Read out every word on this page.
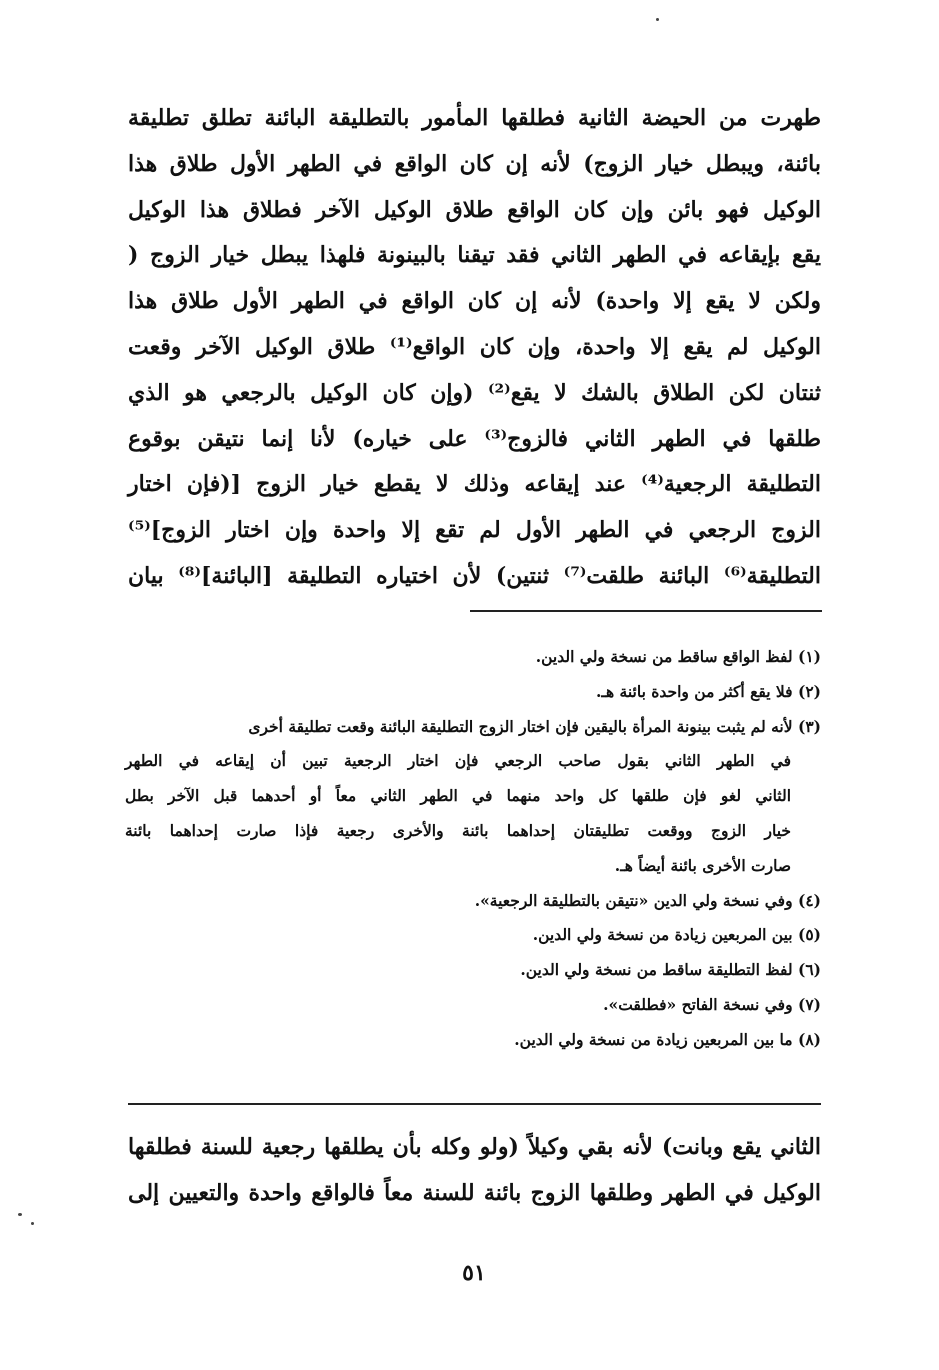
طهرت من الحيضة الثانية فطلقها المأمور بالتطليقة البائنة تطلق تطليقة
بائنة، ويبطل خيار الزوج) لأنه إن كان الواقع في الطهر الأول طلاق هذا
الوكيل فهو بائن وإن كان الواقع طلاق الوكيل الآخر فطلاق هذا الوكيل
يقع بإيقاعه في الطهر الثاني فقد تيقنا بالبينونة فلهذا يبطل خيار الزوج (
ولكن لا يقع إلا واحدة) لأنه إن كان الواقع في الطهر الأول طلاق هذا
الوكيل لم يقع إلا واحدة، وإن كان الواقع⁽¹⁾ طلاق الوكيل الآخر وقعت
ثنتان لكن الطلاق بالشك لا يقع⁽²⁾ (وإن كان الوكيل بالرجعي هو الذي
طلقها في الطهر الثاني فالزوج⁽³⁾ على خياره) لأنا إنما نتيقن بوقوع
التطليقة الرجعية⁽⁴⁾ عند إيقاعه وذلك لا يقطع خيار الزوج [(فإن اختار
الزوج الرجعي في الطهر الأول لم تقع إلا واحدة وإن اختار الزوج]⁽⁵⁾
التطليقة⁽⁶⁾ البائنة طلقت⁽⁷⁾ ثنتين) لأن اختياره التطليقة [البائنة]⁽⁸⁾ بيان
(١) لفظ الواقع ساقط من نسخة ولي الدين.
(٢) فلا يقع أكثر من واحدة بائنة هـ.
(٣) لأنه لم يثبت بينونة المرأة باليقين فإن اختار الزوج التطليقة البائنة وقعت تطليقة أخرى
في الطهر الثاني بقول صاحب الرجعي فإن اختار الرجعية تبين أن إيقاعه في الطهر
الثاني لغو فإن طلقها كل واحد منهما في الطهر الثاني معاً أو أحدهما قبل الآخر بطل
خيار الزوج ووقعت تطليقتان إحداهما بائنة والأخرى رجعية فإذا صارت إحداهما بائنة
صارت الأخرى بائنة أيضاً هـ.
(٤) وفي نسخة ولي الدين «نتيقن بالتطليقة الرجعية».
(٥) بين المربعين زيادة من نسخة ولي الدين.
(٦) لفظ التطليقة ساقط من نسخة ولي الدين.
(٧) وفي نسخة الفاتح «فطلقت».
(٨) ما بين المربعين زيادة من نسخة ولي الدين.
الثاني يقع وبانت) لأنه بقي وكيلاً (ولو وكله بأن يطلقها رجعية للسنة فطلقها
الوكيل في الطهر وطلقها الزوج بائنة للسنة معاً فالواقع واحدة والتعيين إلى
٥١
